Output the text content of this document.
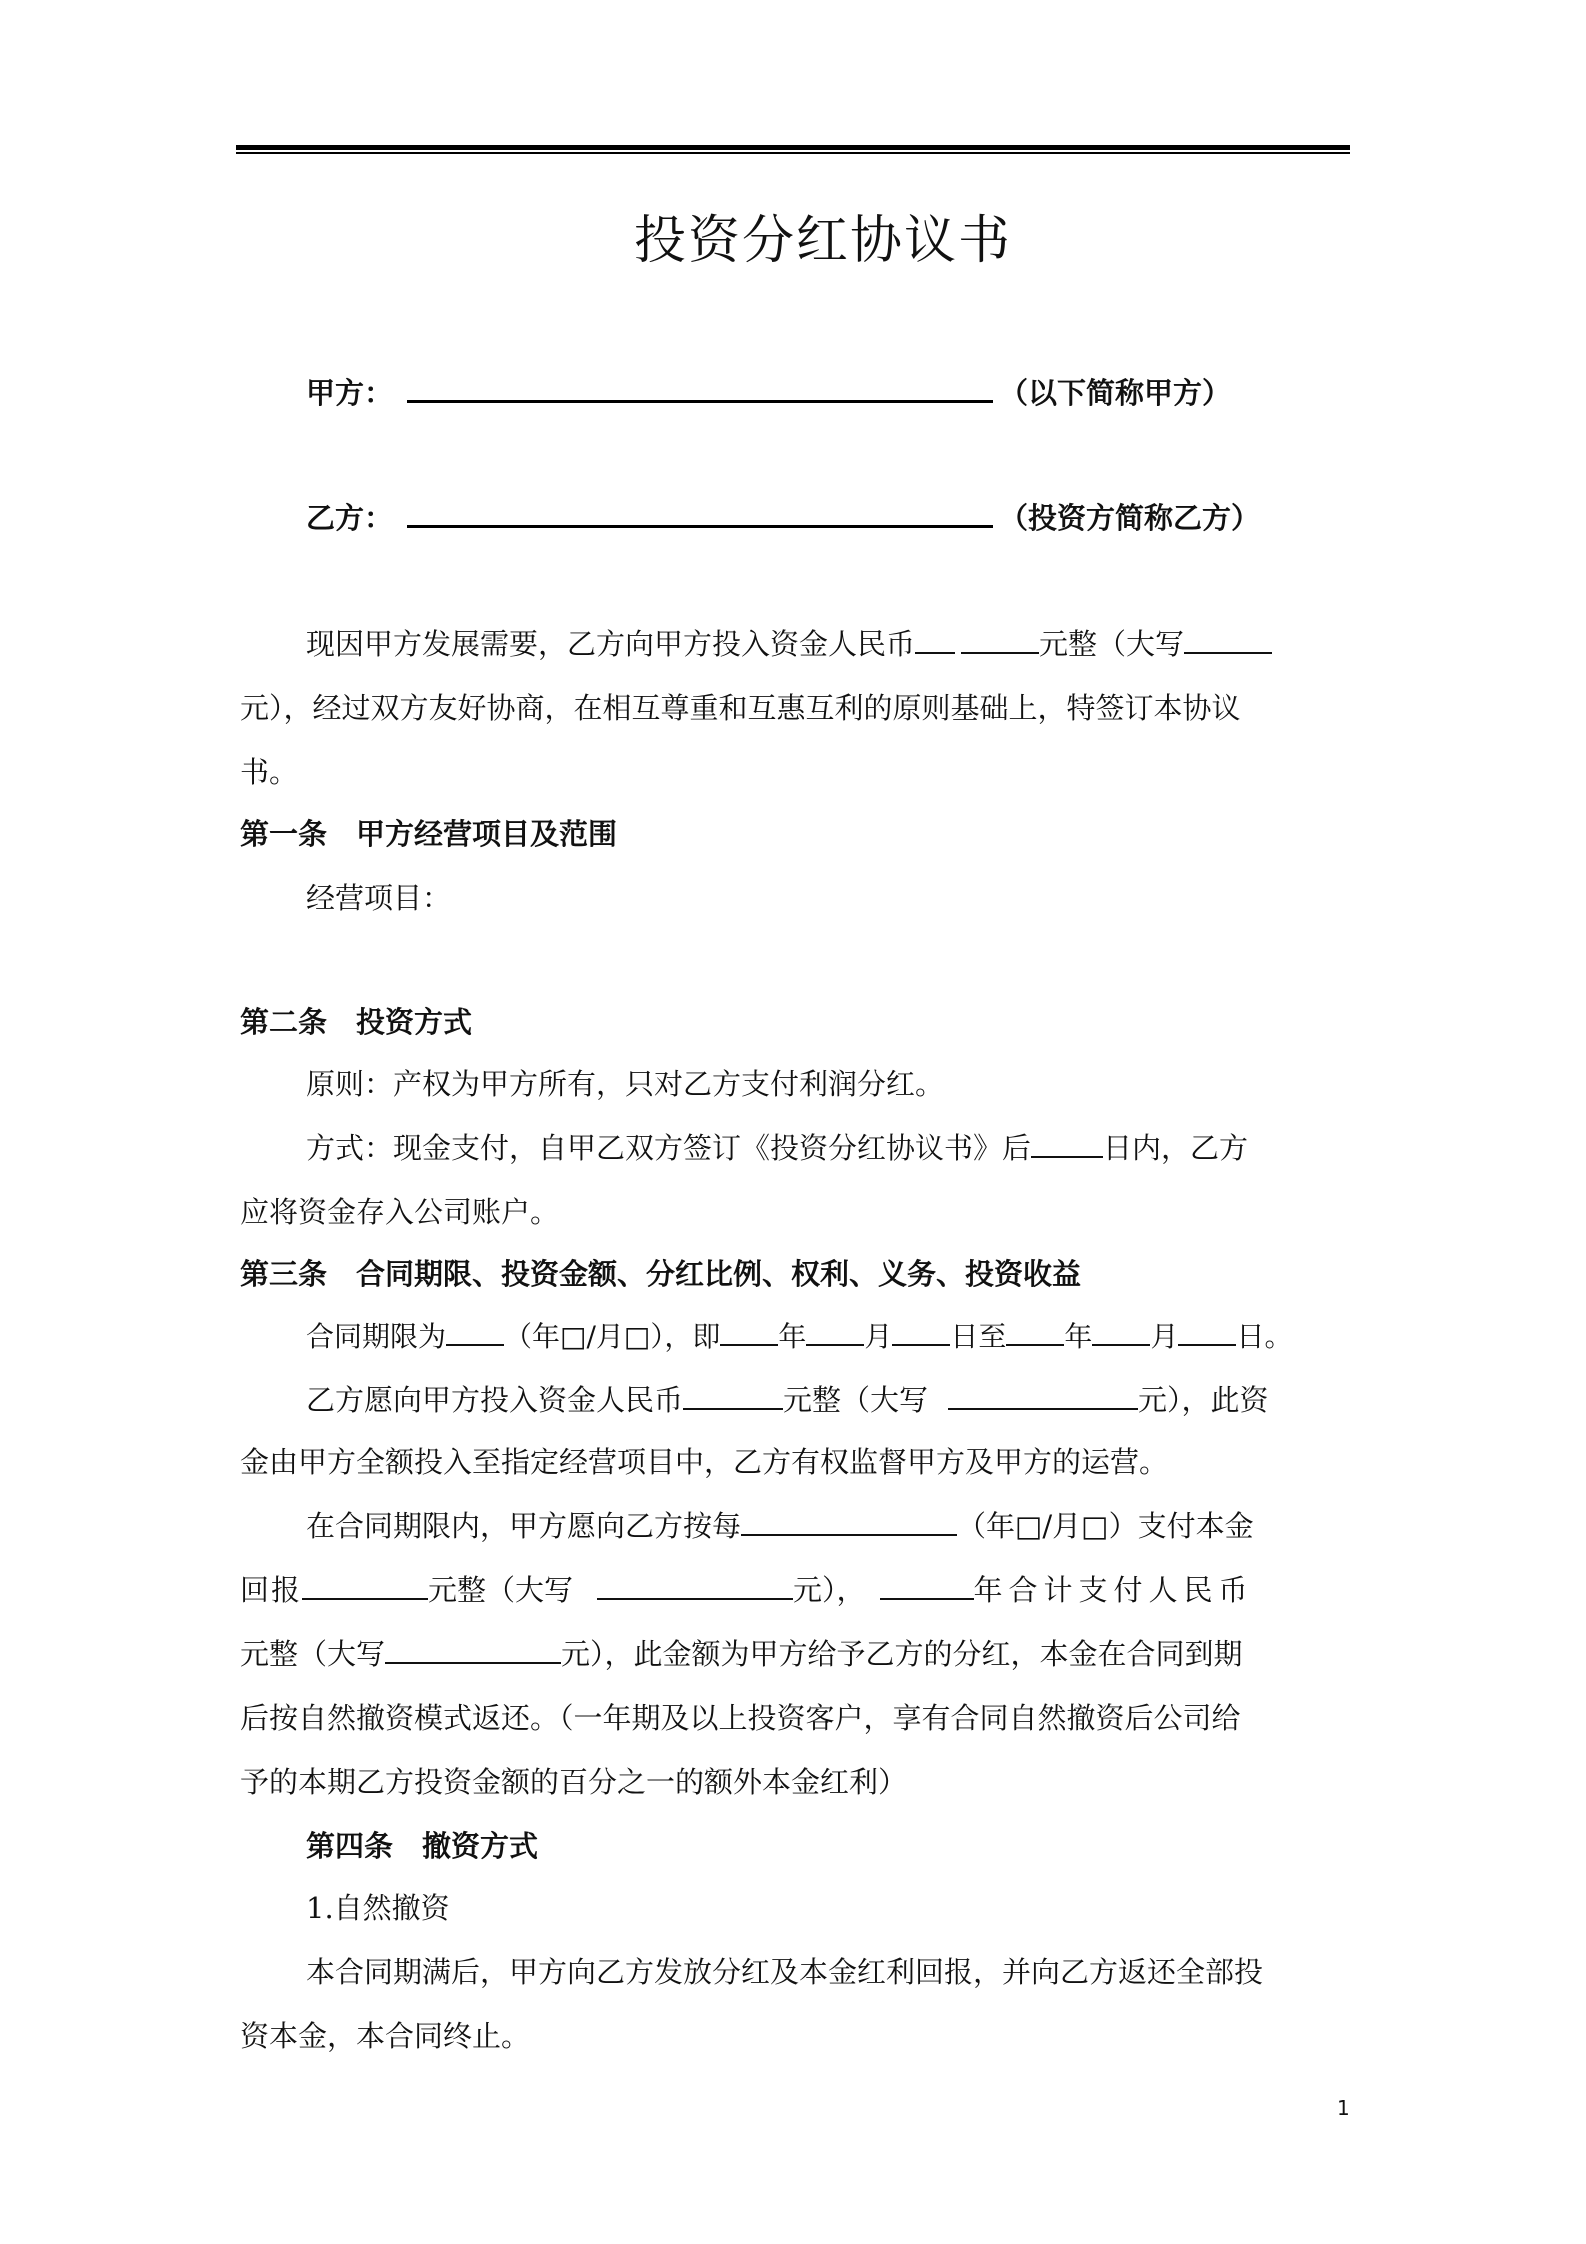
投资分红协议书
甲方：	（以下简称甲方）
乙方：	（投资方简称乙方）
现因甲方发展需要，乙方向甲方投入资金人民币	元整（大写
元），经过双方友好协商，在相互尊重和互惠互利的原则基础上，特签订本协议
书。
第一条　甲方经营项目及范围
经营项目：
第二条　投资方式
原则：产权为甲方所有，只对乙方支付利润分红。
方式：现金支付，自甲乙双方签订《投资分红协议书》后 日内，乙方
应将资金存入公司账户。
第三条　合同期限、投资金额、分红比例、权利、义务、投资收益
合同期限为 （年□/月□），即 年 月 日至 年 月 日。
乙方愿向甲方投入资金人民币	元整（大写	元），此资
金由甲方全额投入至指定经营项目中，乙方有权监督甲方及甲方的运营。
在合同期限内，甲方愿向乙方按每	（年□/月□）支付本金
回报	元整（大写	元），	年合计支付人民币
元整（大写	元），此金额为甲方给予乙方的分红，本金在合同到期
后按自然撤资模式返还。（一年期及以上投资客户，享有合同自然撤资后公司给
予的本期乙方投资金额的百分之一的额外本金红利）
第四条　撤资方式
1.自然撤资
本合同期满后，甲方向乙方发放分红及本金红利回报，并向乙方返还全部投
资本金，本合同终止。
1
